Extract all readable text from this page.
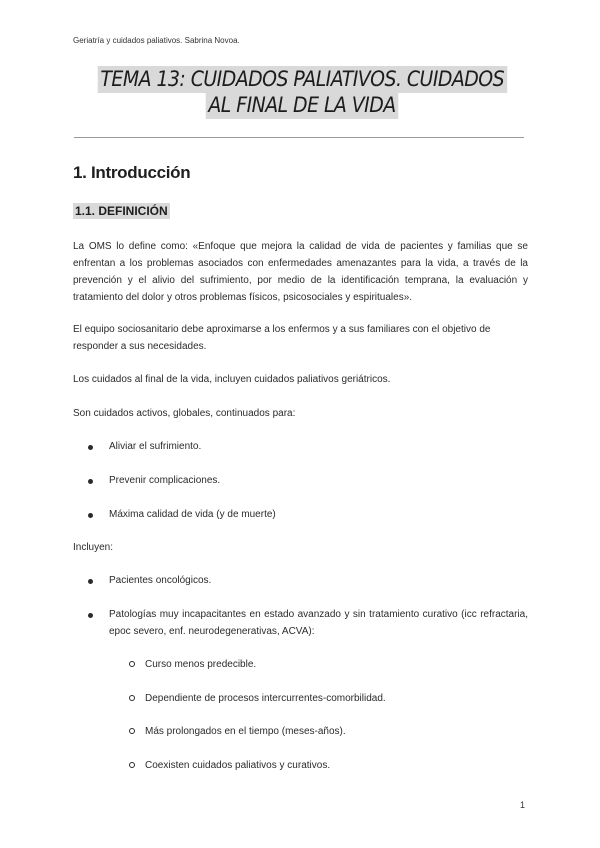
Geriatría y cuidados paliativos. Sabrina Novoa.
TEMA 13: CUIDADOS PALIATIVOS. CUIDADOS
AL FINAL DE LA VIDA
1. Introducción
1.1. DEFINICIÓN
La OMS lo define como: «Enfoque que mejora la calidad de vida de pacientes y familias que se enfrentan a los problemas asociados con enfermedades amenazantes para la vida, a través de la prevención y el alivio del sufrimiento, por medio de la identificación temprana, la evaluación y tratamiento del dolor y otros problemas físicos, psicosociales y espirituales».
El equipo sociosanitario debe aproximarse a los enfermos y a sus familiares con el objetivo de responder a sus necesidades.
Los cuidados al final de la vida, incluyen cuidados paliativos geriátricos.
Son cuidados activos, globales, continuados para:
Aliviar el sufrimiento.
Prevenir complicaciones.
Máxima calidad de vida (y de muerte)
Incluyen:
Pacientes oncológicos.
Patologías muy incapacitantes en estado avanzado y sin tratamiento curativo (icc refractaria, epoc severo, enf. neurodegenerativas, ACVA):
Curso menos predecible.
Dependiente de procesos intercurrentes-comorbilidad.
Más prolongados en el tiempo (meses-años).
Coexisten cuidados paliativos y curativos.
1
